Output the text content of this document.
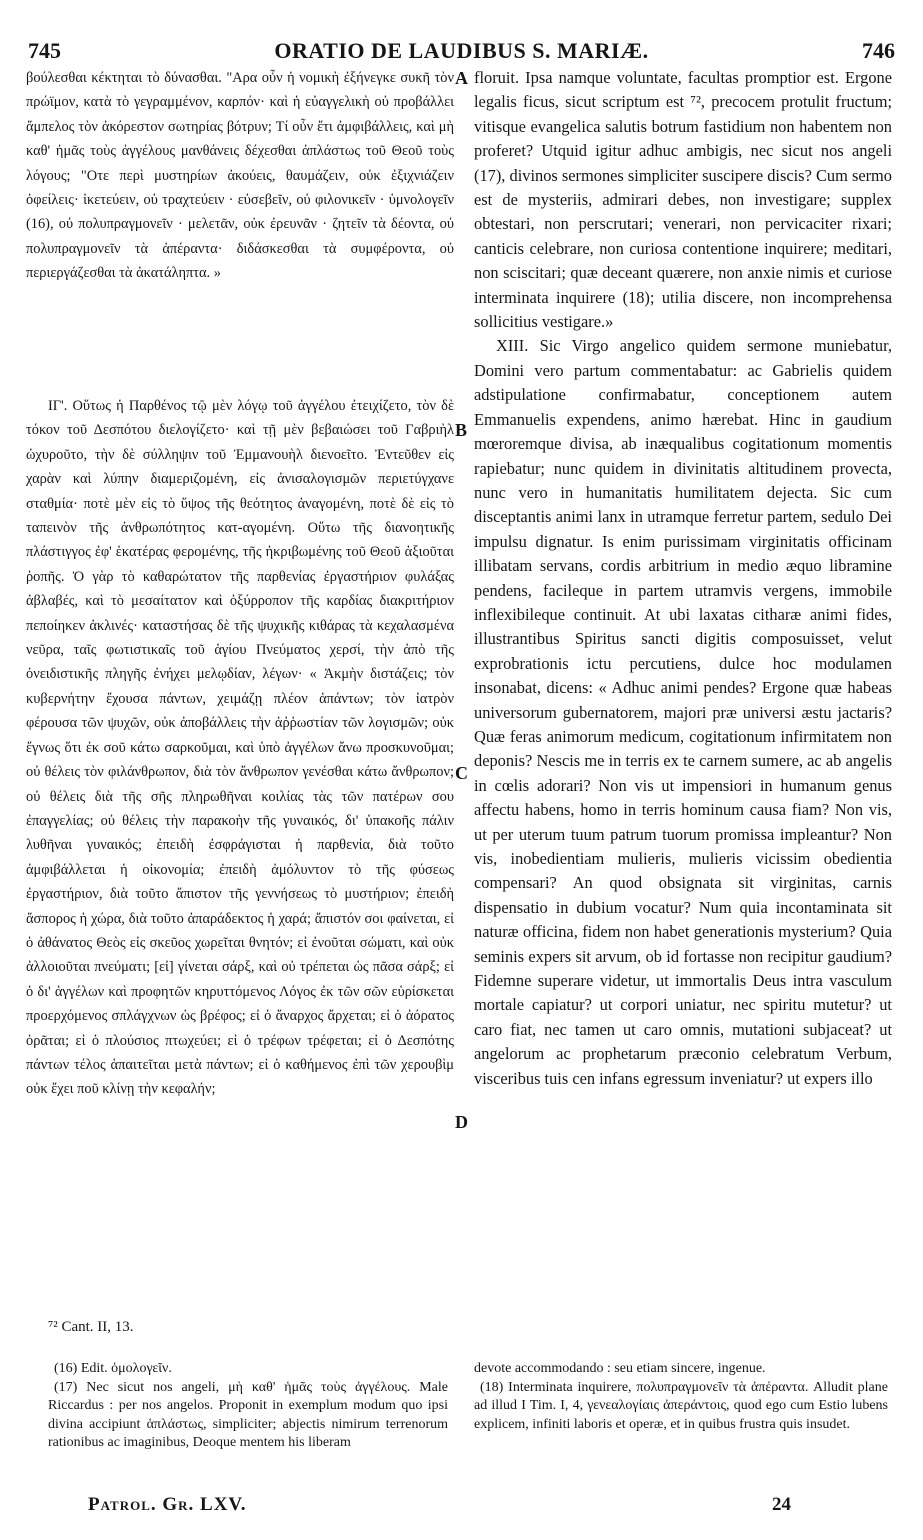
745	ORATIO DE LAUDIBUS S. MARIÆ.	746

βούλεσθαι κέκτηται τὸ δύνασθαι. "Αρα οὖν ἡ νομικὴ ἐξήνεγκε συκῆ τὸν πρώϊμον, κατὰ τὸ γεγραμμένον, καρπόν· καὶ ἡ εὐαγγελικὴ οὐ προβάλλει ἄμπελος τὸν ἀκόρεστον σωτηρίας βότρυν; Τί οὖν ἔτι ἀμφιβάλλεις, καὶ μὴ καθ' ἡμᾶς τοὺς ἀγγέλους μανθάνεις δέχεσθαι ἁπλάστως τοῦ Θεοῦ τοὺς λόγους; "Οτε περὶ μυστηρίων ἀκούεις, θαυμάζειν, οὐκ ἐξιχνιάζειν ὀφείλεις· ἱκετεύειν, οὐ τραχτεύειν · εὐσεβεῖν, οὐ φιλονικεῖν · ὑμνολογεῖν (16), οὐ πολυπραγμονεῖν · μελετᾶν, οὐκ ἐρευνᾶν · ζητεῖν τὰ δέοντα, οὐ πολυπραγμονεῖν τὰ ἀπέραντα· διδάσκεσθαι τὰ συμφέροντα, οὐ περιεργάζεσθαι τὰ ἀκατάληπτα. »

ΙΓ'. Οὕτως ἡ Παρθένος τῷ μὲν λόγῳ τοῦ ἀγγέλου ἐτειχίζετο, τὸν δὲ τόκον τοῦ Δεσπότου διελογίζετο· καὶ τῇ μὲν βεβαιώσει τοῦ Γαβριὴλ ὠχυροῦτο, τὴν δὲ σύλληψιν τοῦ Ἐμμανουὴλ διενοεῖτο. Ἐντεῦθεν εἰς χαρὰν καὶ λύπην διαμεριζομένη, εἰς ἀνισαλογισμῶν περιετύγχανε σταθμία· ποτὲ μὲν εἰς τὸ ὕψος τῆς θεότητος ἀναγομένη, ποτὲ δὲ εἰς τὸ ταπεινὸν τῆς ἀνθρωπότητος κατ-αγομένη. Οὕτω τῆς διανοητικῆς πλάστιγγος ἐφ' ἑκατέρας φερομένης, τῆς ἠκριβωμένης τοῦ Θεοῦ ἀξιοῦται ῥοπῆς. Ὁ γὰρ τὸ καθαρώτατον τῆς παρθενίας ἐργαστήριον φυλάξας ἀβλαβές, καὶ τὸ μεσαίτατον καὶ ὀξύρροπον τῆς καρδίας διακριτήριον πεποίηκεν ἀκλινές· καταστήσας δὲ τῆς ψυχικῆς κιθάρας τὰ κεχαλασμένα νεῦρα, ταῖς φωτιστικαῖς τοῦ ἁγίου Πνεύματος χερσί, τὴν ἀπὸ τῆς ὀνειδιστικῆς πληγῆς ἐνήχει μελῳδίαν, λέγων· « Ἀκμὴν διστάζεις; τὸν κυβερνήτην ἔχουσα πάντων, χειμάζῃ πλέον ἁπάντων; τὸν ἰατρὸν φέρουσα τῶν ψυχῶν, οὐκ ἀποβάλλεις τὴν ἀῤῥωστίαν τῶν λογισμῶν; οὐκ ἔγνως ὅτι ἐκ σοῦ κάτω σαρκοῦμαι, καὶ ὑπὸ ἀγγέλων ἄνω προσκυνοῦμαι; οὐ θέλεις τὸν φιλάνθρωπον, διὰ τὸν ἄνθρωπον γενέσθαι κάτω ἄνθρωπον; οὐ θέλεις διὰ τῆς σῆς πληρωθῆναι κοιλίας τὰς τῶν πατέρων σου ἐπαγγελίας; οὐ θέλεις τὴν παρακοὴν τῆς γυναικός, δι' ὑπακοῆς πάλιν λυθῆναι γυναικός; ἐπειδὴ ἐσφράγισται ἡ παρθενία, διὰ τοῦτο ἀμφιβάλλεται ἡ οἰκονομία; ἐπειδὴ ἀμόλυντον τὸ τῆς φύσεως ἐργαστήριον, διὰ τοῦτο ἄπιστον τῆς γεννήσεως τὸ μυστήριον; ἐπειδὴ ἄσπορος ἡ χώρα, διὰ τοῦτο ἀπαράδεκτος ἡ χαρά; ἄπιστόν σοι φαίνεται, εἰ ὁ ἀθάνατος Θεὸς εἰς σκεῦος χωρεῖται θνητόν; εἰ ἐνοῦται σώματι, καὶ οὐκ ἀλλοιοῦται πνεύματι; [εἰ] γίνεται σάρξ, καὶ οὐ τρέπεται ὡς πᾶσα σάρξ; εἰ ὁ δι' ἀγγέλων καὶ προφητῶν κηρυττόμενος Λόγος ἐκ τῶν σῶν εὑρίσκεται προερχόμενος σπλάγχνων ὡς βρέφος; εἰ ὁ ἄναρχος ἄρχεται; εἰ ὁ ἀόρατος ὁρᾶται; εἰ ὁ πλούσιος πτωχεύει; εἰ ὁ τρέφων τρέφεται; εἰ ὁ Δεσπότης πάντων τέλος ἀπαιτεῖται μετὰ πάντων; εἰ ὁ καθήμενος ἐπὶ τῶν χερουβὶμ οὐκ ἔχει ποῦ κλίνῃ τὴν κεφαλήν;

floruit. Ipsa namque voluntate, facultas promptior est. Ergone legalis ficus, sicut scriptum est ⁷², precocem protulit fructum; vitisque evangelica salutis botrum fastidium non habentem non proferet? Utquid igitur adhuc ambigis, nec sicut nos angeli (17), divinos sermones simpliciter suscipere discis? Cum sermo est de mysteriis, admirari debes, non investigare; supplex obtestari, non perscrutari; venerari, non pervicaciter rixari; canticis celebrare, non curiosa contentione inquirere; meditari, non sciscitari; quæ deceant quærere, non anxie nimis et curiose interminata inquirere (18); utilia discere, non incomprehensa sollicitius vestigare.»

XIII. Sic Virgo angelico quidem sermone muniebatur, Domini vero partum commentabatur: ac Gabrielis quidem adstipulatione confirmabatur, conceptionem autem Emmanuelis expendens, animo hærebat. Hinc in gaudium mœroremque divisa, ab inæqualibus cogitationum momentis rapiebatur; nunc quidem in divinitatis altitudinem provecta, nunc vero in humanitatis humilitatem dejecta. Sic cum disceptantis animi lanx in utramque ferretur partem, sedulo Dei impulsu dignatur. Is enim purissimam virginitatis officinam illibatam servans, cordis arbitrium in medio æquo libramine pendens, facileque in partem utramvis vergens, immobile inflexibileque continuit. At ubi laxatas citharæ animi fides, illustrantibus Spiritus sancti digitis composuisset, velut exprobrationis ictu percutiens, dulce hoc modulamen insonabat, dicens: « Adhuc animi pendes? Ergone quæ habeas universorum gubernatorem, majori præ universi æstu jactaris? Quæ feras animorum medicum, cogitationum infirmitatem non deponis? Nescis me in terris ex te carnem sumere, ac ab angelis in cœlis adorari? Non vis ut impensiori in humanum genus affectu habens, homo in terris hominum causa fiam? Non vis, ut per uterum tuum patrum tuorum promissa impleantur? Non vis, inobedientiam mulieris, mulieris vicissim obedientia compensari? An quod obsignata sit virginitas, carnis dispensatio in dubium vocatur? Num quia incontaminata sit naturæ officina, fidem non habet generationis mysterium? Quia seminis expers sit arvum, ob id fortasse non recipitur gaudium? Fidemne superare videtur, ut immortalis Deus intra vasculum mortale capiatur? ut corpori uniatur, nec spiritu mutetur? ut caro fiat, nec tamen ut caro omnis, mutationi subjaceat? ut angelorum ac prophetarum præconio celebratum Verbum, visceribus tuis cen infans egressum inveniatur? ut expers illo

A
B
C
D
⁷² Cant. II, 13.

(16) Edit. ὁμολογεῖν.

(17) Nec sicut nos angeli, μὴ καθ' ἡμᾶς τοὺς ἀγγέλους. Male Riccardus : per nos angelos. Proponit in exemplum modum quo ipsi divina accipiunt ἁπλάστως, simpliciter; abjectis nimirum terrenorum rationibus ac imaginibus, Deoque mentem his liberam

devote accommodando : seu etiam sincere, ingenue.

(18) Interminata inquirere, πολυπραγμονεῖν τὰ ἀπέραντα. Alludit plane ad illud I Tim. I, 4, γενεαλογίαις ἀπεράντοις, quod ego cum Estio lubens explicem, infiniti laboris et operæ, et in quibus frustra quis insudet.

Patrol. Gr. LXV.	24
